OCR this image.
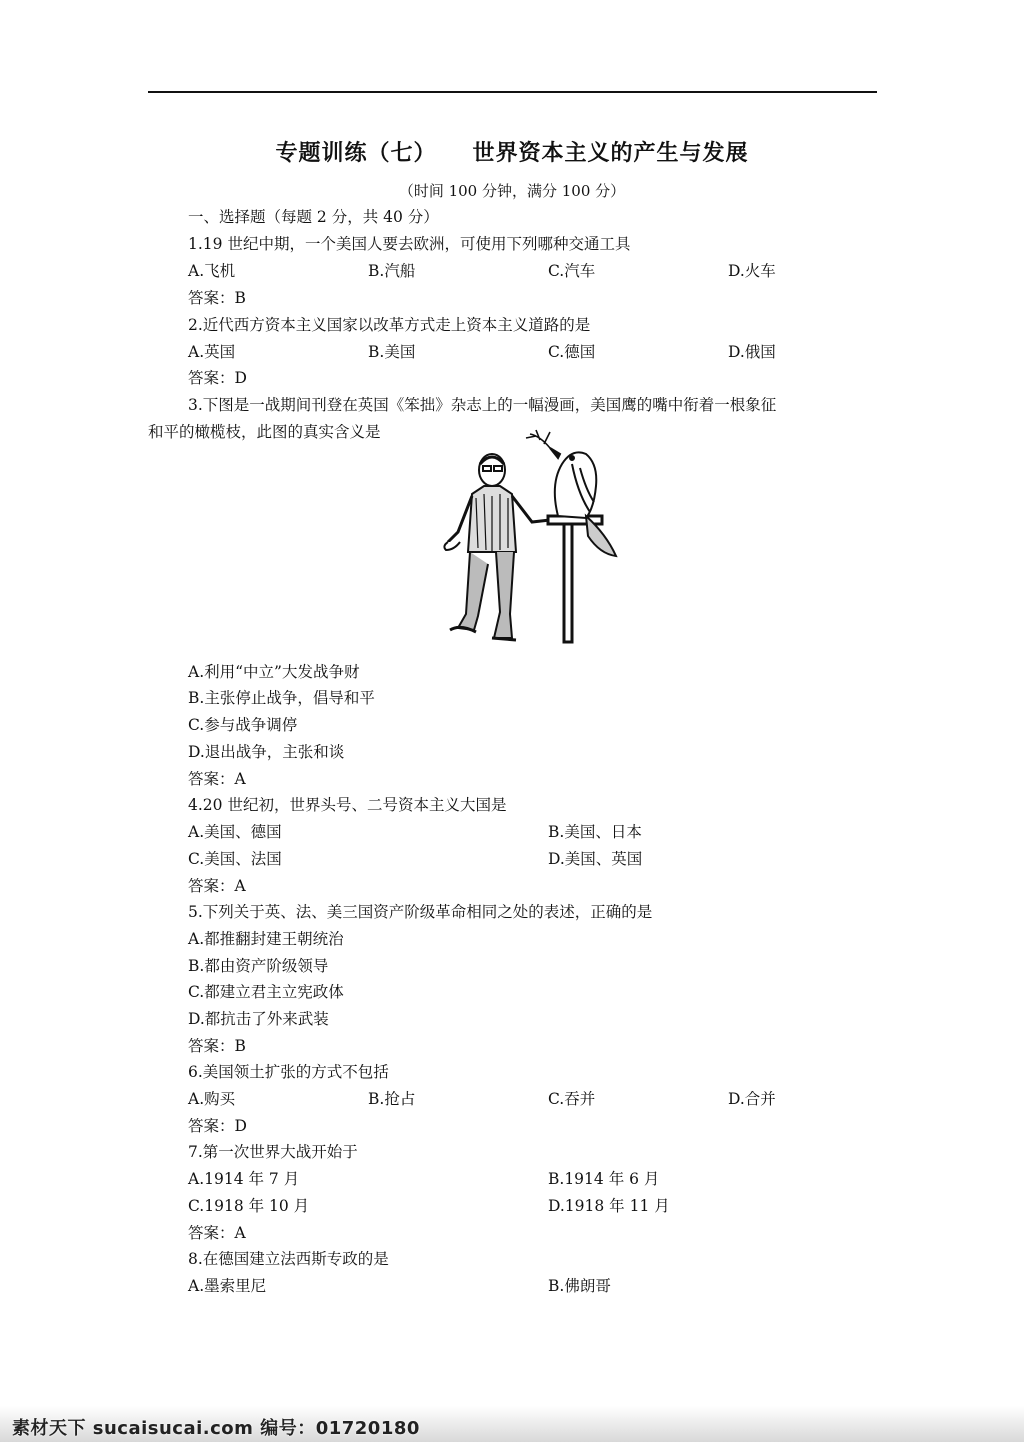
专题训练（七） 世界资本主义的产生与发展
（时间 100 分钟，满分 100 分）
一、选择题（每题 2 分，共 40 分）
1.19 世纪中期，一个美国人要去欧洲，可使用下列哪种交通工具
A.飞机	B.汽船	C.汽车	D.火车
答案：B
2.近代西方资本主义国家以改革方式走上资本主义道路的是
A.英国	B.美国	C.德国	D.俄国
答案：D
3.下图是一战期间刊登在英国《笨拙》杂志上的一幅漫画，美国鹰的嘴中衔着一根象征
和平的橄榄枝，此图的真实含义是
A.利用“中立”大发战争财
B.主张停止战争，倡导和平
C.参与战争调停
D.退出战争，主张和谈
答案：A
4.20 世纪初，世界头号、二号资本主义大国是
A.美国、德国	B.美国、日本
C.美国、法国	D.美国、英国
答案：A
5.下列关于英、法、美三国资产阶级革命相同之处的表述，正确的是
A.都推翻封建王朝统治
B.都由资产阶级领导
C.都建立君主立宪政体
D.都抗击了外来武装
答案：B
6.美国领土扩张的方式不包括
A.购买	B.抢占	C.吞并	D.合并
答案：D
7.第一次世界大战开始于
A.1914 年 7 月	B.1914 年 6 月
C.1918 年 10 月	D.1918 年 11 月
答案：A
8.在德国建立法西斯专政的是
A.墨索里尼	B.佛朗哥
素材天下 sucaisucai.com 编号：01720180
